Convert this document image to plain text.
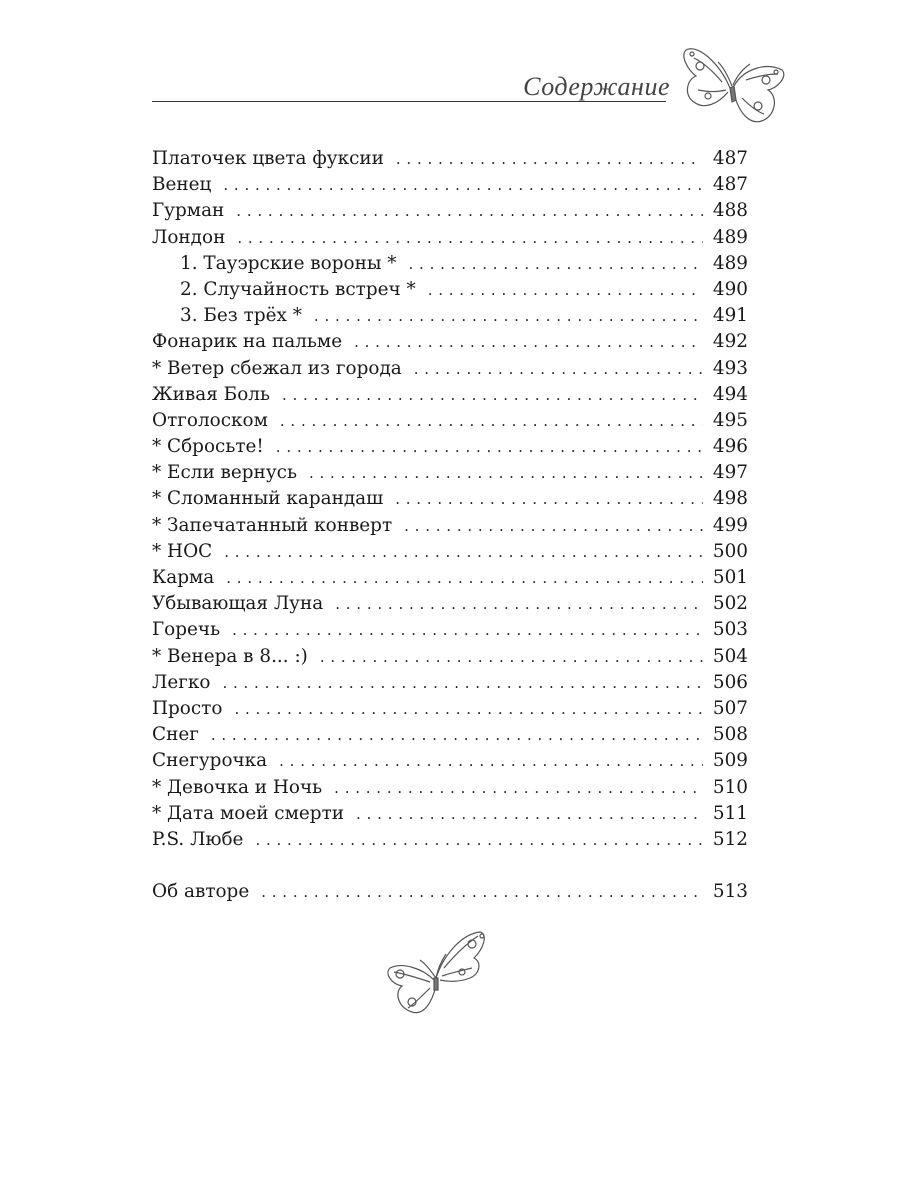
Содержание
Платочек цвета фуксии . . .	487
Венец . . .	487
Гурман . . .	488
Лондон . . .	489
1. Тауэрские вороны * . . .	489
2. Случайность встреч * . . .	490
3. Без трёх * . . .	491
Фонарик на пальме . . .	492
* Ветер сбежал из города . . .	493
Живая Боль . . .	494
Отголоском . . .	495
* Сбросьте! . . .	496
* Если вернусь . . .	497
* Сломанный карандаш . . .	498
* Запечатанный конверт . . .	499
* НОС . . .	500
Карма . . .	501
Убывающая Луна . . .	502
Горечь . . .	503
* Венера в 8... :) . . .	504
Легко . . .	506
Просто . . .	507
Снег . . .	508
Снегурочка . . .	509
* Девочка и Ночь . . .	510
* Дата моей смерти . . .	511
P.S. Любе . . .	512
Об авторе . . .	513
